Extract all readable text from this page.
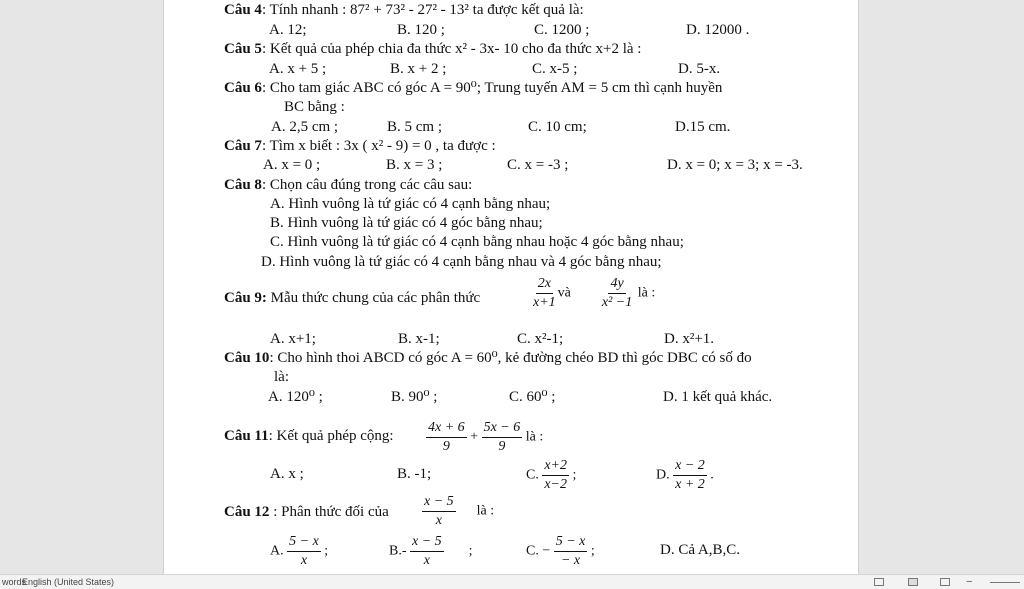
Câu 4: Tính nhanh : 87² + 73² - 27² - 13² ta được kết quả là:
A. 12;	B. 120 ;	C. 1200 ;	D. 12000 .
Câu 5: Kết quả của phép chia đa thức x² - 3x- 10 cho đa thức x+2 là :
A. x + 5 ;	B. x + 2 ;	C. x-5 ;	D. 5-x.
Câu 6: Cho tam giác ABC có góc A = 90⁰; Trung tuyến AM = 5 cm thì cạnh huyền
BC bằng :
A. 2,5 cm ;	B. 5 cm ;	C. 10 cm;	D.15 cm.
Câu 7: Tìm x biết : 3x ( x² - 9) = 0 , ta được :
A. x = 0 ;	B. x = 3 ;	C. x = -3 ;	D. x = 0; x = 3; x = -3.
Câu 8: Chọn câu đúng trong các câu sau:
A. Hình vuông là tứ giác có 4 cạnh bằng nhau;
B. Hình vuông là tứ giác có 4 góc bằng nhau;
C. Hình vuông là tứ giác có 4 cạnh bằng nhau hoặc 4 góc bằng nhau;
D. Hình vuông là tứ giác có 4 cạnh bằng nhau và 4 góc bằng nhau;
Câu 9: Mẫu thức chung của các phân thức	$\frac{2x}{x+1}$ và $\frac{4y}{\text{x² −1}}$ là :
A. x+1;	B. x-1;	C. x²-1;	D. x²+1.
Câu 10: Cho hình thoi ABCD có góc A = 60⁰, kẻ đường chéo BD thì góc DBC có số đo
là:
A. 120⁰ ;	B. 90⁰ ;	C. 60⁰ ;	D. 1 kết quả khác.
Câu 11: Kết quả phép cộng: $\frac{4x + 6}{9} + \frac{5x - 6}{9}$ là :
A. x ;	B. -1;	C. $\frac{x+2}{x-2}$ ;	D. $\frac{x - 2}{x + 2}$ .
Câu 12 : Phân thức đối của $\frac{x - 5}{x}$ là :
A. $\frac{5 - x}{x}$ ;	$B.- \frac{x - 5}{x}$ ;	C. − $\frac{5 - x}{- x}$ ;	D. Cả A,B,C.
words
English (United States)	−
